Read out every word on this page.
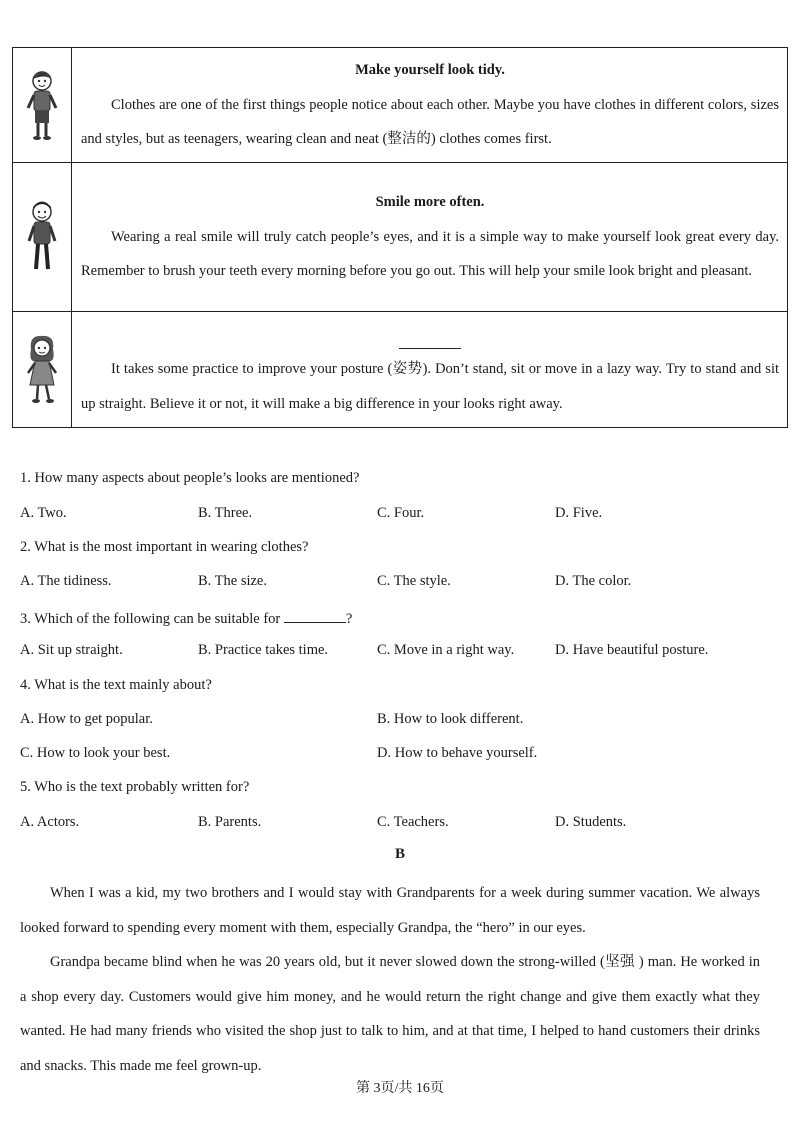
Make yourself look tidy.
Clothes are one of the first things people notice about each other. Maybe you have clothes in different colors, sizes and styles, but as teenagers, wearing clean and neat (整洁的) clothes comes first.

Smile more often.
Wearing a real smile will truly catch people’s eyes, and it is a simple way to make yourself look great every day. Remember to brush your teeth every morning before you go out. This will help your smile look bright and pleasant.

It takes some practice to improve your posture (姿势). Don’t stand, sit or move in a lazy way. Try to stand and sit up straight. Believe it or not, it will make a big difference in your looks right away.
1. How many aspects about people’s looks are mentioned?
A. Two.	B. Three.	C. Four.	D. Five.
2. What is the most important in wearing clothes?
A. The tidiness.	B. The size.	C. The style.	D. The color.
3. Which of the following can be suitable for	?
A. Sit up straight.	B. Practice takes time.	C. Move in a right way.	D. Have beautiful posture.
4. What is the text mainly about?
A. How to get popular.	B. How to look different.
C. How to look your best.	D. How to behave yourself.
5. Who is the text probably written for?
A. Actors.	B. Parents.	C. Teachers.	D. Students.
B

When I was a kid, my two brothers and I would stay with Grandparents for a week during summer vacation. We always looked forward to spending every moment with them, especially Grandpa, the “hero” in our eyes.

Grandpa became blind when he was 20 years old, but it never slowed down the strong-willed (坚强 ) man. He worked in a shop every day. Customers would give him money, and he would return the right change and give them exactly what they wanted. He had many friends who visited the shop just to talk to him, and at that time, I helped to hand customers their drinks and snacks. This made me feel grown-up.

第 3页/共 16页
